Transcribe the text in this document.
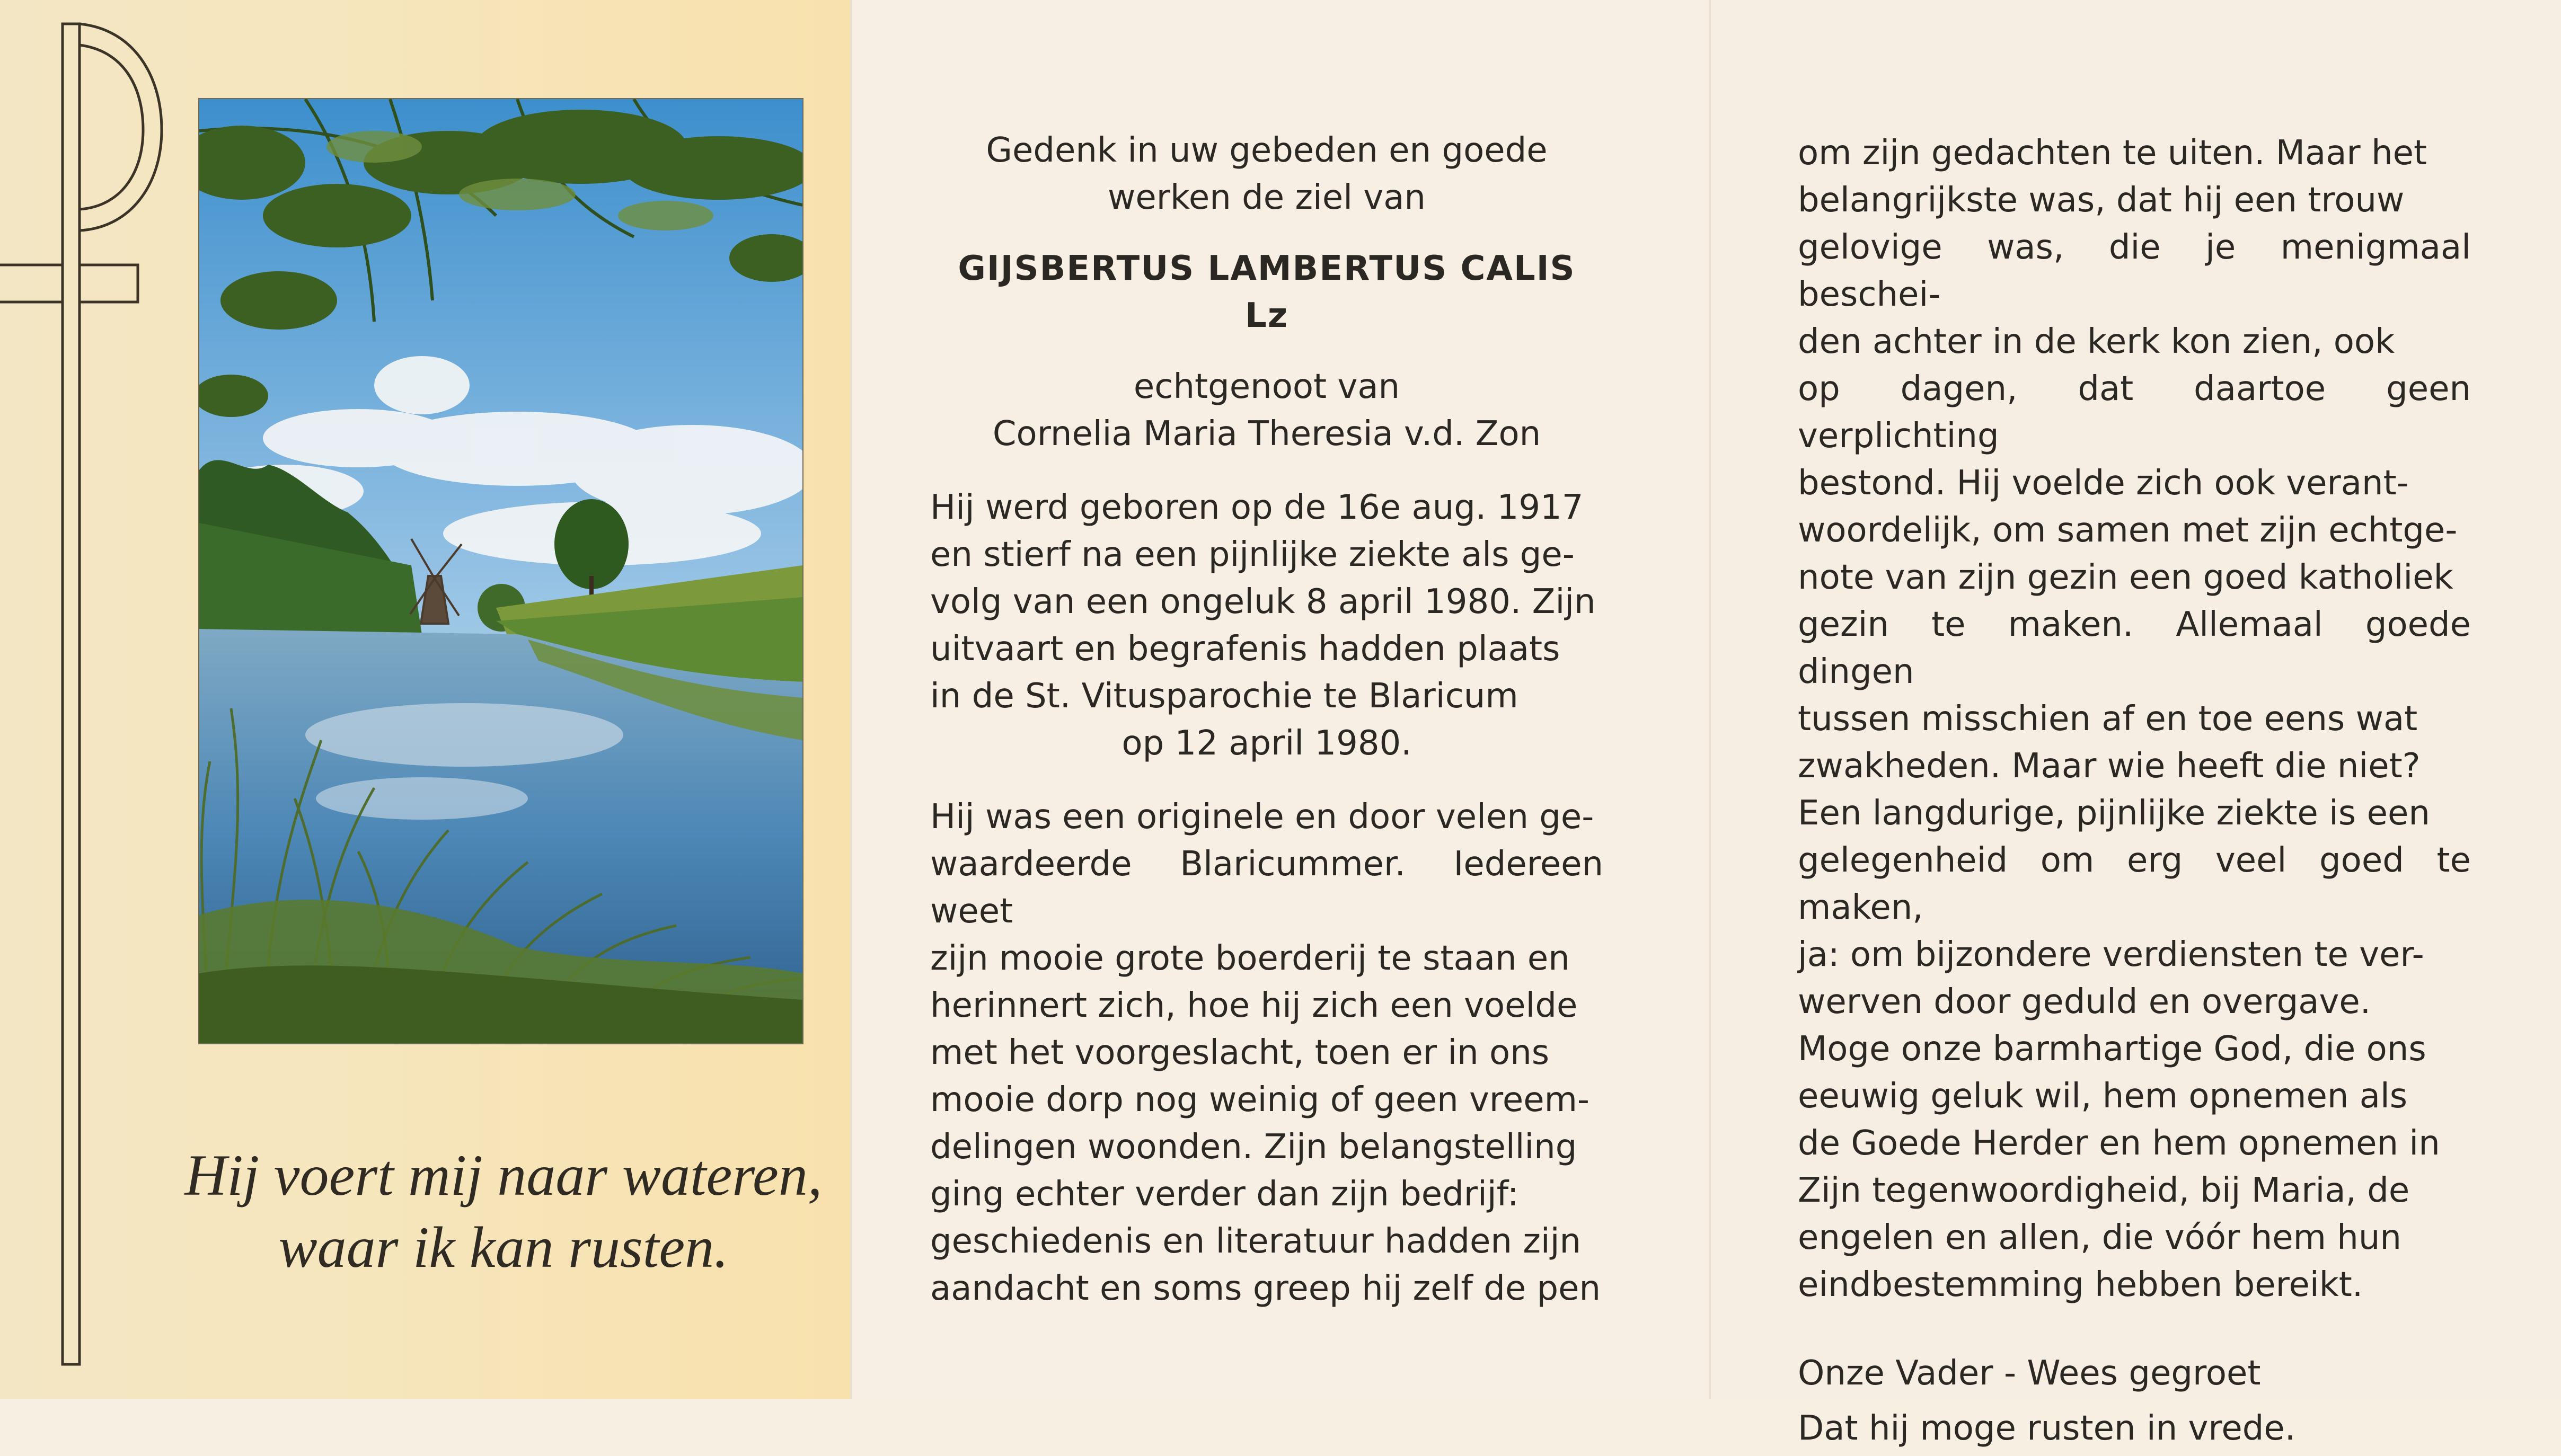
Hij voert mij naar wateren,

waar ik kan rusten.

Gedenk in uw gebeden en goede

werken de ziel van

GIJSBERTUS LAMBERTUS CALIS Lz

echtgenoot van

Cornelia Maria Theresia v.d. Zon

Hij werd geboren op de 16e aug. 1917

en stierf na een pijnlijke ziekte als ge-

volg van een ongeluk 8 april 1980. Zijn

uitvaart en begrafenis hadden plaats

in de St. Vitusparochie te Blaricum

op 12 april 1980.

Hij was een originele en door velen ge-

waardeerde Blaricummer. Iedereen weet

zijn mooie grote boerderij te staan en

herinnert zich, hoe hij zich een voelde

met het voorgeslacht, toen er in ons

mooie dorp nog weinig of geen vreem-

delingen woonden. Zijn belangstelling

ging echter verder dan zijn bedrijf:

geschiedenis en literatuur hadden zijn

aandacht en soms greep hij zelf de pen

om zijn gedachten te uiten. Maar het

belangrijkste was, dat hij een trouw

gelovige was, die je menigmaal beschei-

den achter in de kerk kon zien, ook

op dagen, dat daartoe geen verplichting

bestond. Hij voelde zich ook verant-

woordelijk, om samen met zijn echtge-

note van zijn gezin een goed katholiek

gezin te maken. Allemaal goede dingen

tussen misschien af en toe eens wat

zwakheden. Maar wie heeft die niet?

Een langdurige, pijnlijke ziekte is een

gelegenheid om erg veel goed te maken,

ja: om bijzondere verdiensten te ver-

werven door geduld en overgave.

Moge onze barmhartige God, die ons

eeuwig geluk wil, hem opnemen als

de Goede Herder en hem opnemen in

Zijn tegenwoordigheid, bij Maria, de

engelen en allen, die vóór hem hun

eindbestemming hebben bereikt.

Onze Vader - Wees gegroet

Dat hij moge rusten in vrede.
